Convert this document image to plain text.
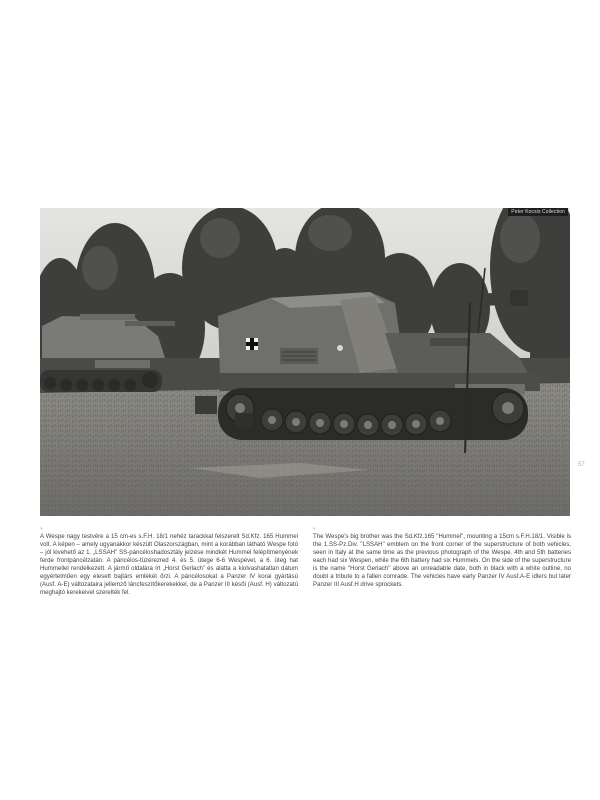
Peter Kocsis Collection
57
»
A Wespe nagy testvére a 15 cm-es s.F.H. 18/1 nehéz tarackkal felszerelt Sd.Kfz. 165 Hummel volt. A képen – amely ugyanakkor készült Olaszországban, mint a korábban látható Wespe fotó – jól kivehető az 1. „LSSAH” SS-páncéloshadosztály jelzése mindkét Hummel felépítményének ferde frontpáncélzatán. A páncélos-tüzérezred 4. és 5. ütege 6-6 Wespével, a 6. üteg hat Hummellel rendelkezett. A jármű oldalára írt „Horst Gerlach” és alatta a kiolvashatatlan dátum egyértelműen egy elesett bajtárs emlékét őrzi. A páncélosokat a Panzer IV korai gyártású (Ausf. A-E) változataira jellemző láncfeszítőkerekekkel, de a Panzer III késői (Ausf. H) változatú meghajtó kerekeivel szerelték fel.
«
The Wespe's big brother was the Sd.Kfz.165 "Hummel", mounting a 15cm s.F.H.18/1. Visible is the 1.SS-Pz.Div. "LSSAH" emblem on the front corner of the superstructure of both vehicles, seen in Italy at the same time as the previous photograph of the Wespe. 4th and 5th batteries each had six Wespen, while the 6th battery had six Hummels. On the side of the superstructure is the name "Horst Gerlach" above an unreadable date, both in black with a white outline, no doubt a tribute to a fallen comrade. The vehicles have early Panzer IV Ausf.A-E idlers but later Panzer III Ausf.H drive sprockets.
